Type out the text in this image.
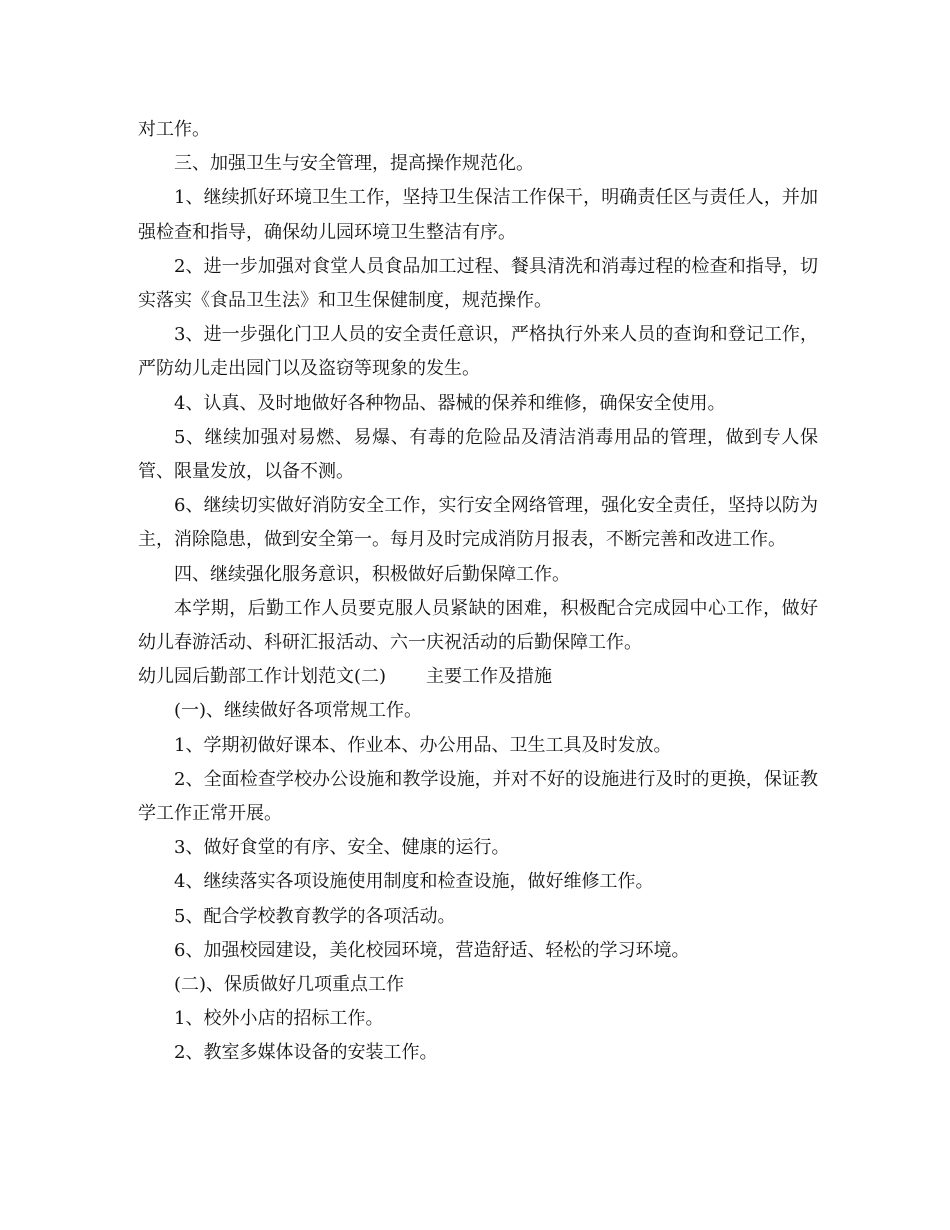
对工作。

三、加强卫生与安全管理，提高操作规范化。

1、继续抓好环境卫生工作，坚持卫生保洁工作保干，明确责任区与责任人，并加强检查和指导，确保幼儿园环境卫生整洁有序。

2、进一步加强对食堂人员食品加工过程、餐具清洗和消毒过程的检查和指导，切实落实《食品卫生法》和卫生保健制度，规范操作。

3、进一步强化门卫人员的安全责任意识，严格执行外来人员的查询和登记工作，严防幼儿走出园门以及盗窃等现象的发生。

4、认真、及时地做好各种物品、器械的保养和维修，确保安全使用。

5、继续加强对易燃、易爆、有毒的危险品及清洁消毒用品的管理，做到专人保管、限量发放，以备不测。

6、继续切实做好消防安全工作，实行安全网络管理，强化安全责任，坚持以防为主，消除隐患，做到安全第一。每月及时完成消防月报表，不断完善和改进工作。

四、继续强化服务意识，积极做好后勤保障工作。

本学期，后勤工作人员要克服人员紧缺的困难，积极配合完成园中心工作，做好幼儿春游活动、科研汇报活动、六一庆祝活动的后勤保障工作。

幼儿园后勤部工作计划范文(二) 主要工作及措施

(一)、继续做好各项常规工作。

1、学期初做好课本、作业本、办公用品、卫生工具及时发放。

2、全面检查学校办公设施和教学设施，并对不好的设施进行及时的更换，保证教学工作正常开展。

3、做好食堂的有序、安全、健康的运行。

4、继续落实各项设施使用制度和检查设施，做好维修工作。

5、配合学校教育教学的各项活动。

6、加强校园建设，美化校园环境，营造舒适、轻松的学习环境。

(二)、保质做好几项重点工作

1、校外小店的招标工作。

2、教室多媒体设备的安装工作。
